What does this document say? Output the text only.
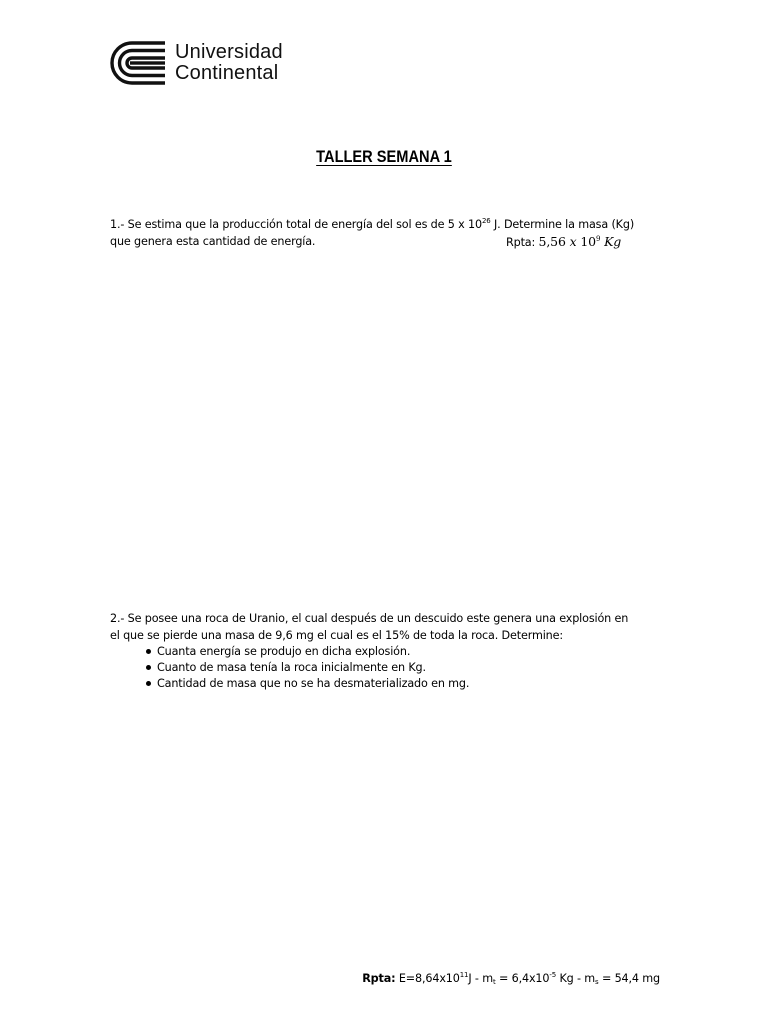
Universidad
Continental
TALLER SEMANA 1
1.- Se estima que la producción total de energía del sol es de 5 x $10^{26}$ J. Determine la masa (Kg)
que genera esta cantidad de energía.	Rpta: 5,56 x $10^9$ Kg
2.- Se posee una roca de Uranio, el cual después de un descuido este genera una explosión en
el que se pierde una masa de 9,6 mg el cual es el 15% de toda la roca. Determine:
Cuanta energía se produjo en dicha explosión.
Cuanto de masa tenía la roca inicialmente en Kg.
Cantidad de masa que no se ha desmaterializado en mg.
Rpta: $E=8,64x10^{11}J - m_t = 6,4x10^{-5}$ $Kg - m_s = 54,4$ mg
